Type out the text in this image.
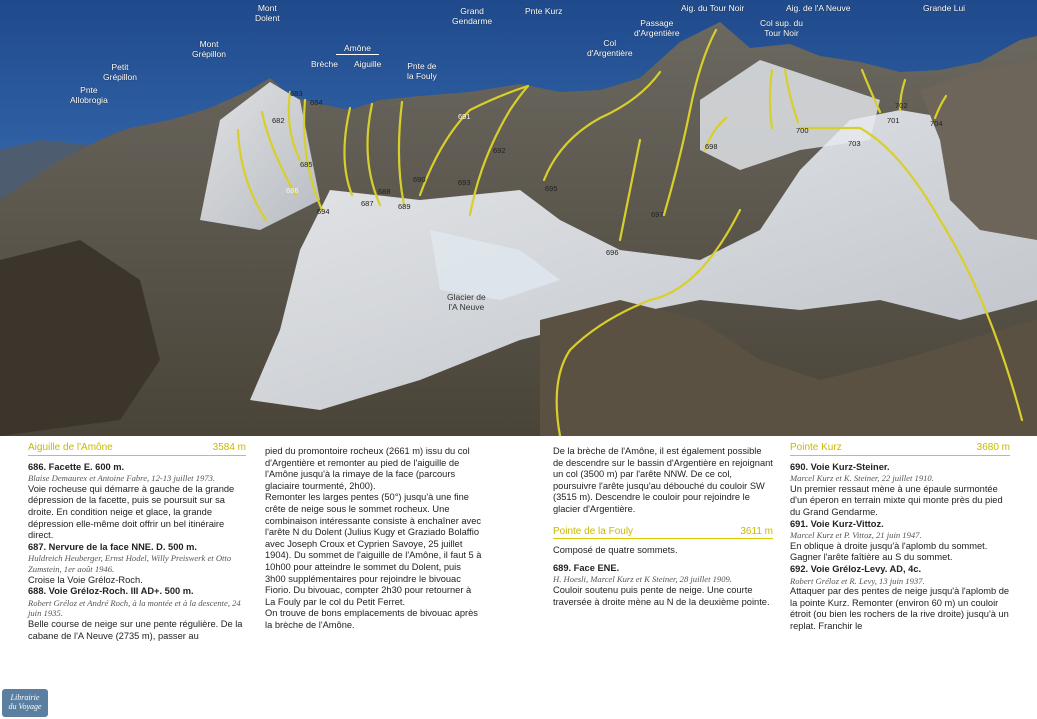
Pnte
Allobrogia
Petit
Grépillon
Mont
Grépillon
Mont
Dolent
Amône
Brèche Aiguille	Pnte de
la Fouly
Grand
Gendarme
Pnte Kurz
Col
d'Argentière
Passage
d'Argentière
Aig. du Tour Noir
Col sup. du
Tour Noir
Aig. de l'A Neuve	Grande Lui
682
683
684
685
686
687
688
689
690
691
692
693
694
695
696
697
698
700
701
702
703
704
Glacier de
l'A Neuve
Aiguille de l'Amône	3584 m

686. Facette E. 600 m.

Blaise Demaurex et Antoine Fabre, 12-13 juillet 1973.

Voie rocheuse qui démarre à gauche de la grande dépression de la facette, puis se poursuit sur sa droite. En condition neige et glace, la grande dépression elle-même doit offrir un bel itinéraire direct.

687. Nervure de la face NNE. D. 500 m.

Huldreich Heuberger, Ernst Hodel, Willy Preiswerk et Otto Zumstein, 1er août 1946.

Croise la Voie Gréloz-Roch.

688. Voie Gréloz-Roch. III AD+. 500 m.

Robert Gréloz et André Roch, à la montée et à la descente, 24 juin 1935.

Belle course de neige sur une pente régulière. De la cabane de l'A Neuve (2735 m), passer au

pied du promontoire rocheux (2661 m) issu du col d'Argentière et remonter au pied de l'aiguille de l'Amône jusqu'à la rimaye de la face (parcours glaciaire tourmenté, 2h00).

Remonter les larges pentes (50°) jusqu'à une fine crête de neige sous le sommet rocheux. Une combinaison intéressante consiste à enchaîner avec l'arête N du Dolent (Julius Kugy et Graziado Bolaffio avec Joseph Croux et Cyprien Savoye, 25 juillet 1904). Du sommet de l'aiguille de l'Amône, il faut 5 à 10h00 pour atteindre le sommet du Dolent, puis 3h00 supplémentaires pour rejoindre le bivouac Fiorio. Du bivouac, compter 2h30 pour retourner à La Fouly par le col du Petit Ferret.

On trouve de bons emplacements de bivouac après la brèche de l'Amône.

De la brèche de l'Amône, il est également possible de descendre sur le bassin d'Argentière en rejoignant un col (3500 m) par l'arête NNW. De ce col, poursuivre l'arête jusqu'au débouché du couloir SW (3515 m). Descendre le couloir pour rejoindre le glacier d'Argentière.

Pointe de la Fouly	3611 m

Composé de quatre sommets.

689. Face ENE.

H. Hoesli, Marcel Kurz et K Steiner, 28 juillet 1909.

Couloir soutenu puis pente de neige. Une courte traversée à droite mène au N de la deuxième pointe.

Pointe Kurz	3680 m

690. Voie Kurz-Steiner.

Marcel Kurz et K. Steiner, 22 juillet 1910.

Un premier ressaut mène à une épaule surmontée d'un éperon en terrain mixte qui monte près du pied du Grand Gendarme.

691. Voie Kurz-Vittoz.

Marcel Kurz et P. Vittoz, 21 juin 1947.

En oblique à droite jusqu'à l'aplomb du sommet. Gagner l'arête faîtière au S du sommet.

692. Voie Gréloz-Levy. AD, 4c.

Robert Gréloz et R. Levy, 13 juin 1937.

Attaquer par des pentes de neige jusqu'à l'aplomb de la pointe Kurz. Remonter (environ 60 m) un couloir étroit (ou bien les rochers de la rive droite) jusqu'à un replat. Franchir le

Librairie
du Voyage
